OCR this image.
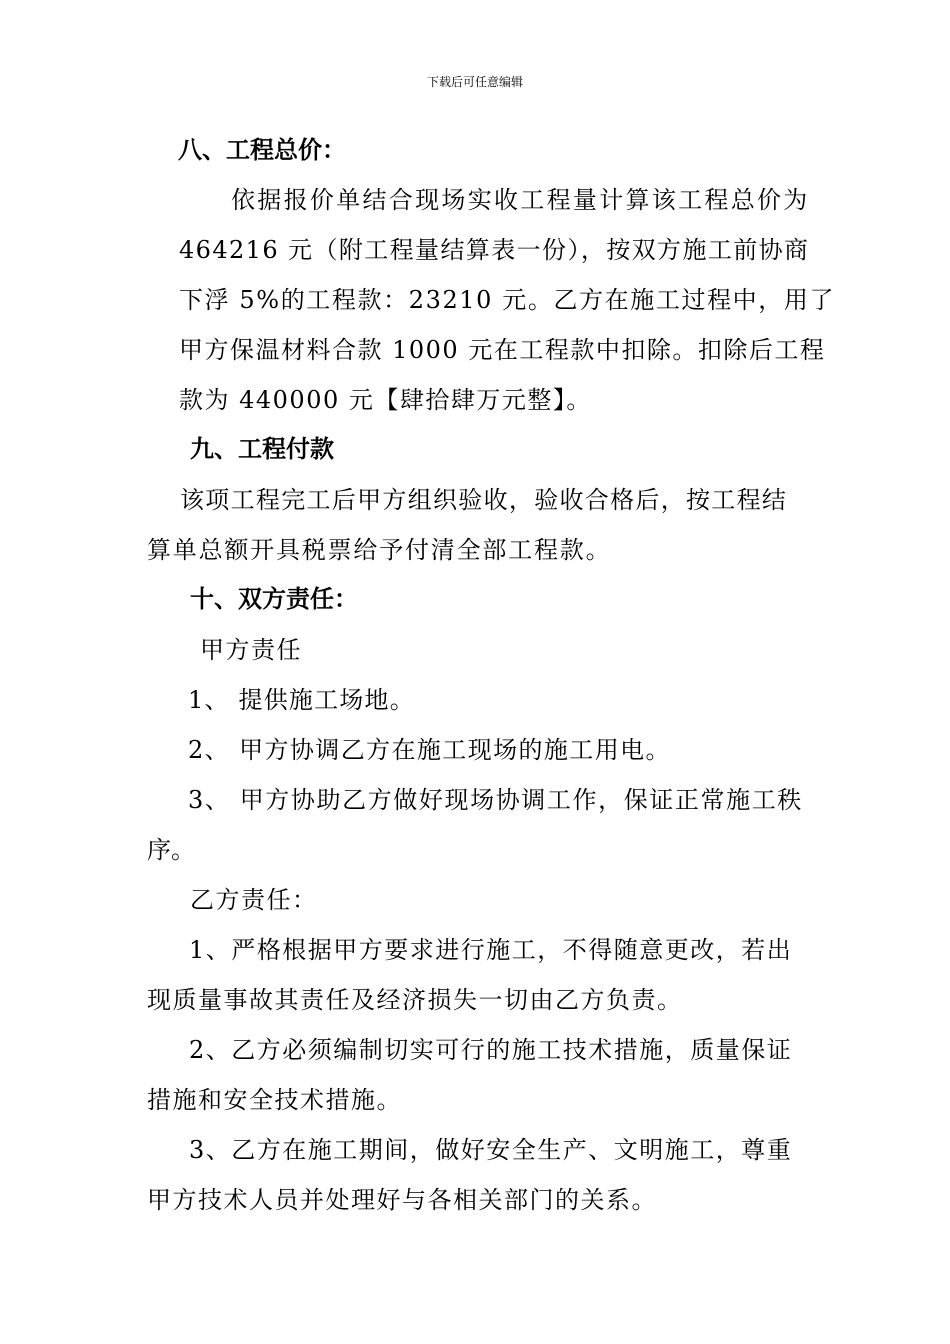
下载后可任意编辑
八、工程总价：
依据报价单结合现场实收工程量计算该工程总价为
464216 元（附工程量结算表一份），按双方施工前协商
下浮 5%的工程款：23210 元。乙方在施工过程中，用了
甲方保温材料合款 1000 元在工程款中扣除。扣除后工程
款为 440000 元【肆拾肆万元整】。
九、工程付款
该项工程完工后甲方组织验收，验收合格后，按工程结
算单总额开具税票给予付清全部工程款。
十、双方责任：
甲方责任
1、 提供施工场地。
2、 甲方协调乙方在施工现场的施工用电。
3、 甲方协助乙方做好现场协调工作，保证正常施工秩
序。
乙方责任：
1、严格根据甲方要求进行施工，不得随意更改，若出
现质量事故其责任及经济损失一切由乙方负责。
2、乙方必须编制切实可行的施工技术措施，质量保证
措施和安全技术措施。
3、乙方在施工期间，做好安全生产、文明施工，尊重
甲方技术人员并处理好与各相关部门的关系。
